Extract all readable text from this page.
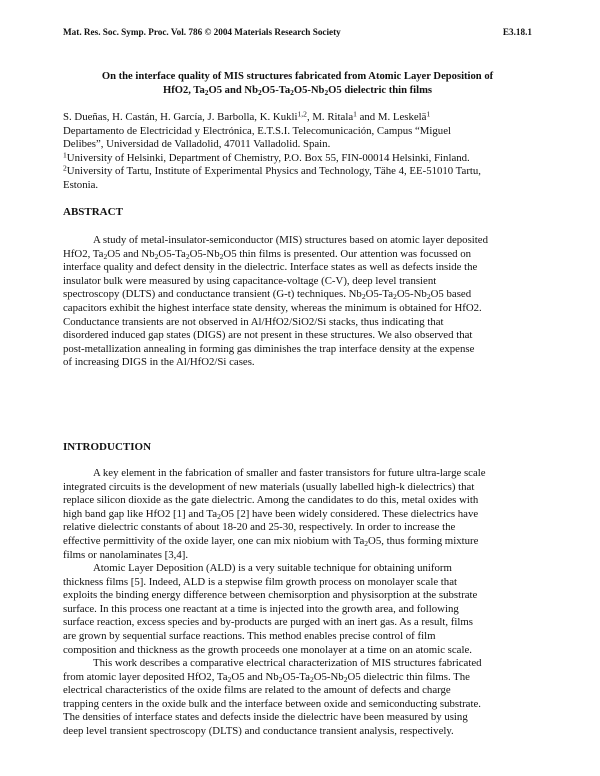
Mat. Res. Soc. Symp. Proc. Vol. 786 © 2004 Materials Research Society	E3.18.1
On the interface quality of MIS structures fabricated from Atomic Layer Deposition of
HfO2, $Ta_2O5$ and $Nb_2O5-Ta_2O5-Nb_2O5$ dielectric thin films
S. Dueñas, H. Castán, H. García, J. Barbolla, K. Kukli$^{1,2}$, M. Ritala$^1$ and M. Leskelä$^1$
Departamento de Electricidad y Electrónica, E.T.S.I. Telecomunicación, Campus “Miguel
Delibes”, Universidad de Valladolid, 47011 Valladolid. Spain.
$^1$University of Helsinki, Department of Chemistry, P.O. Box 55, FIN-00014 Helsinki, Finland.
$^2$University of Tartu, Institute of Experimental Physics and Technology, Tähe 4, EE-51010 Tartu,
Estonia.
ABSTRACT
A study of metal-insulator-semiconductor (MIS) structures based on atomic layer deposited
HfO2, $Ta_2O5$ and $Nb_2O5-Ta_2O5-Nb_2O5$ thin films is presented. Our attention was focussed on
interface quality and defect density in the dielectric. Interface states as well as defects inside the
insulator bulk were measured by using capacitance-voltage (C-V), deep level transient
spectroscopy (DLTS) and conductance transient (G-t) techniques. $Nb_2O5-Ta_2O5-Nb_2O5$ based
capacitors exhibit the highest interface state density, whereas the minimum is obtained for HfO2.
Conductance transients are not observed in Al/HfO2/SiO2/Si stacks, thus indicating that
disordered induced gap states (DIGS) are not present in these structures. We also observed that
post-metallization annealing in forming gas diminishes the trap interface density at the expense
of increasing DIGS in the Al/HfO2/Si cases.
INTRODUCTION
A key element in the fabrication of smaller and faster transistors for future ultra-large scale
integrated circuits is the development of new materials (usually labelled high-k dielectrics) that
replace silicon dioxide as the gate dielectric. Among the candidates to do this, metal oxides with
high band gap like HfO2 [1] and $Ta_2O5$ [2] have been widely considered. These dielectrics have
relative dielectric constants of about 18-20 and 25-30, respectively. In order to increase the
effective permittivity of the oxide layer, one can mix niobium with $Ta_2O5$, thus forming mixture
films or nanolaminates [3,4].
Atomic Layer Deposition (ALD) is a very suitable technique for obtaining uniform
thickness films [5]. Indeed, ALD is a stepwise film growth process on monolayer scale that
exploits the binding energy difference between chemisorption and physisorption at the substrate
surface. In this process one reactant at a time is injected into the growth area, and following
surface reaction, excess species and by-products are purged with an inert gas. As a result, films
are grown by sequential surface reactions. This method enables precise control of film
composition and thickness as the growth proceeds one monolayer at a time on an atomic scale.
This work describes a comparative electrical characterization of MIS structures fabricated
from atomic layer deposited HfO2, $Ta_2O5$ and $Nb_2O5-Ta_2O5-Nb_2O5$ dielectric thin films. The
electrical characteristics of the oxide films are related to the amount of defects and charge
trapping centers in the oxide bulk and the interface between oxide and semiconducting substrate.
The densities of interface states and defects inside the dielectric have been measured by using
deep level transient spectroscopy (DLTS) and conductance transient analysis, respectively.
